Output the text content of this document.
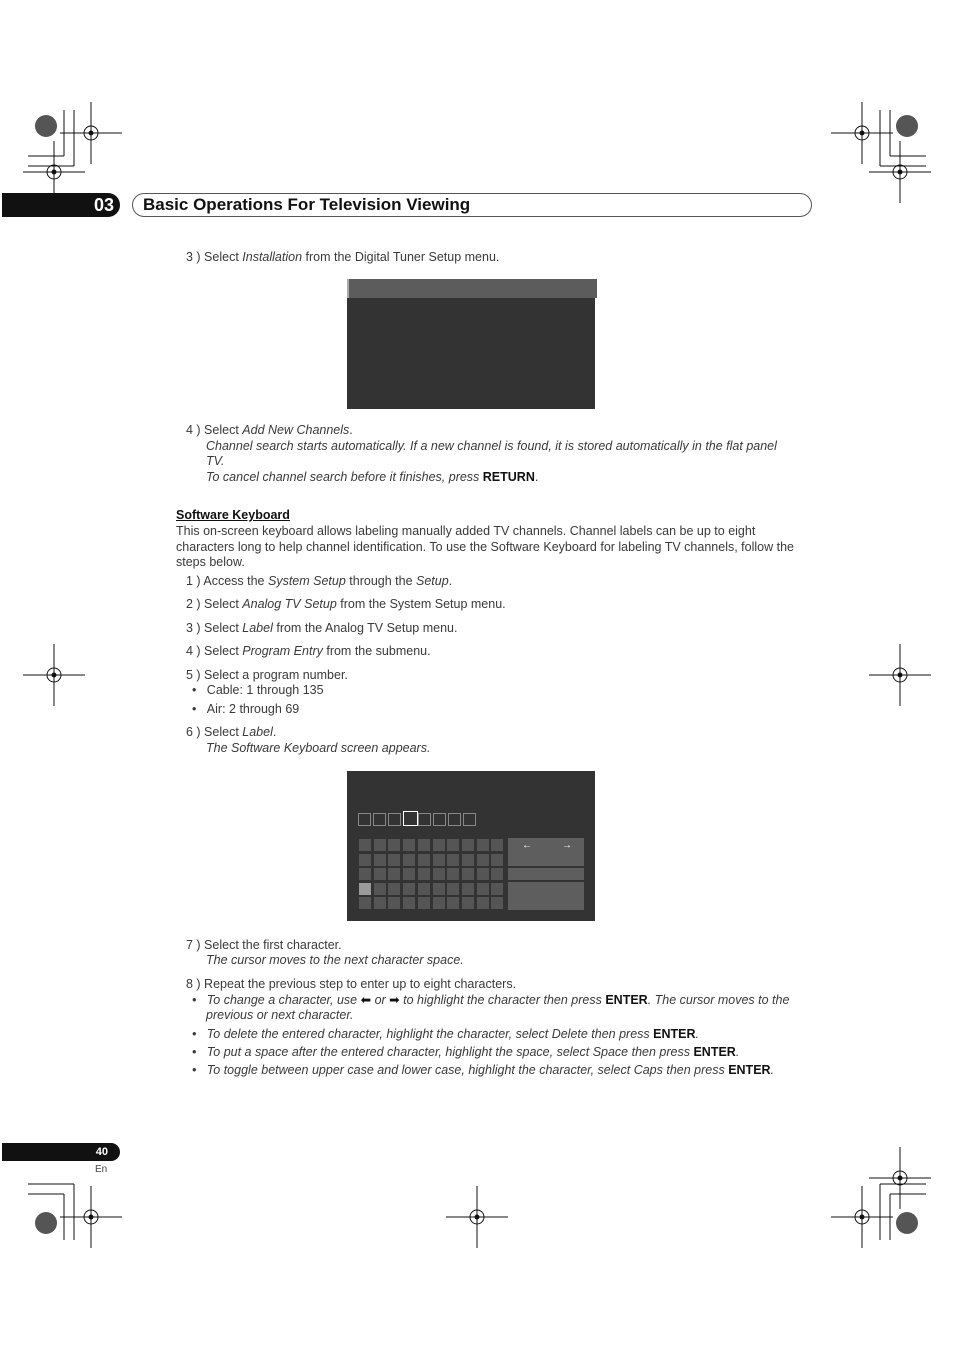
03 Basic Operations For Television Viewing
3 ) Select Installation from the Digital Tuner Setup menu.
4 ) Select Add New Channels.
Channel search starts automatically. If a new channel is found, it is stored automatically in the flat panel
TV.
To cancel channel search before it finishes, press RETURN.
Software Keyboard
This on-screen keyboard allows labeling manually added TV channels. Channel labels can be up to eight
characters long to help channel identification. To use the Software Keyboard for labeling TV channels, follow the
steps below.
1 ) Access the System Setup through the Setup.
2 ) Select Analog TV Setup from the System Setup menu.
3 ) Select Label from the Analog TV Setup menu.
4 ) Select Program Entry from the submenu.
5 ) Select a program number.
•   Cable: 1 through 135
•   Air: 2 through 69
6 ) Select Label.
The Software Keyboard screen appears.
←	→
7 ) Select the first character.
The cursor moves to the next character space.
8 ) Repeat the previous step to enter up to eight characters.
•   To change a character, use ⬅ or ➡ to highlight the character then press ENTER. The cursor moves to the
previous or next character.
•   To delete the entered character, highlight the character, select Delete then press ENTER.
•   To put a space after the entered character, highlight the space, select Space then press ENTER.
•   To toggle between upper case and lower case, highlight the character, select Caps then press ENTER.
40
En
